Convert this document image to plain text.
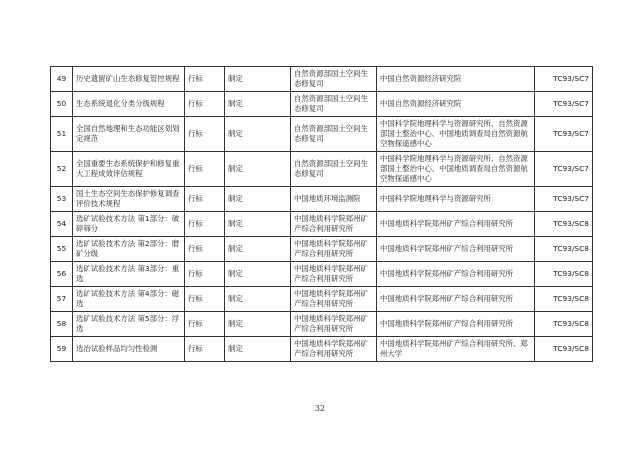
49	历史遗留矿山生态修复管控规程	行标	制定	自然资源部国土空间生态修复司	中国自然资源经济研究院	TC93/SC7
50	生态系统退化分类分级规程	行标	制定	自然资源部国土空间生态修复司	中国自然资源经济研究院	TC93/SC7
51	全国自然地理和生态功能区划划定规范	行标	制定	自然资源部国土空间生态修复司	中国科学院地理科学与资源研究所、自然资源部国土整治中心、中国地质调查局自然资源航空物探遥感中心	TC93/SC7
52	全国重要生态系统保护和修复重大工程成效评估规程	行标	制定	自然资源部国土空间生态修复司	中国科学院地理科学与资源研究所、自然资源部国土整治中心、中国地质调查局自然资源航空物探遥感中心	TC93/SC7
53	国土生态空间生态保护修复调查评价技术规程	行标	制定	中国地质环境监测院	中国科学院地理科学与资源研究所	TC93/SC7
54	选矿试验技术方法 第1部分：破碎筛分	行标	制定	中国地质科学院郑州矿产综合利用研究所	中国地质科学院郑州矿产综合利用研究所	TC93/SC8
55	选矿试验技术方法 第2部分：磨矿分级	行标	制定	中国地质科学院郑州矿产综合利用研究所	中国地质科学院郑州矿产综合利用研究所	TC93/SC8
56	选矿试验技术方法 第3部分：重选	行标	制定	中国地质科学院郑州矿产综合利用研究所	中国地质科学院郑州矿产综合利用研究所	TC93/SC8
57	选矿试验技术方法 第4部分：磁选	行标	制定	中国地质科学院郑州矿产综合利用研究所	中国地质科学院郑州矿产综合利用研究所	TC93/SC8
58	选矿试验技术方法 第5部分：浮选	行标	制定	中国地质科学院郑州矿产综合利用研究所	中国地质科学院郑州矿产综合利用研究所	TC93/SC8
59	选冶试验样品均匀性检测	行标	制定	中国地质科学院郑州矿产综合利用研究所	中国地质科学院郑州矿产综合利用研究所、郑州大学	TC93/SC8
32
